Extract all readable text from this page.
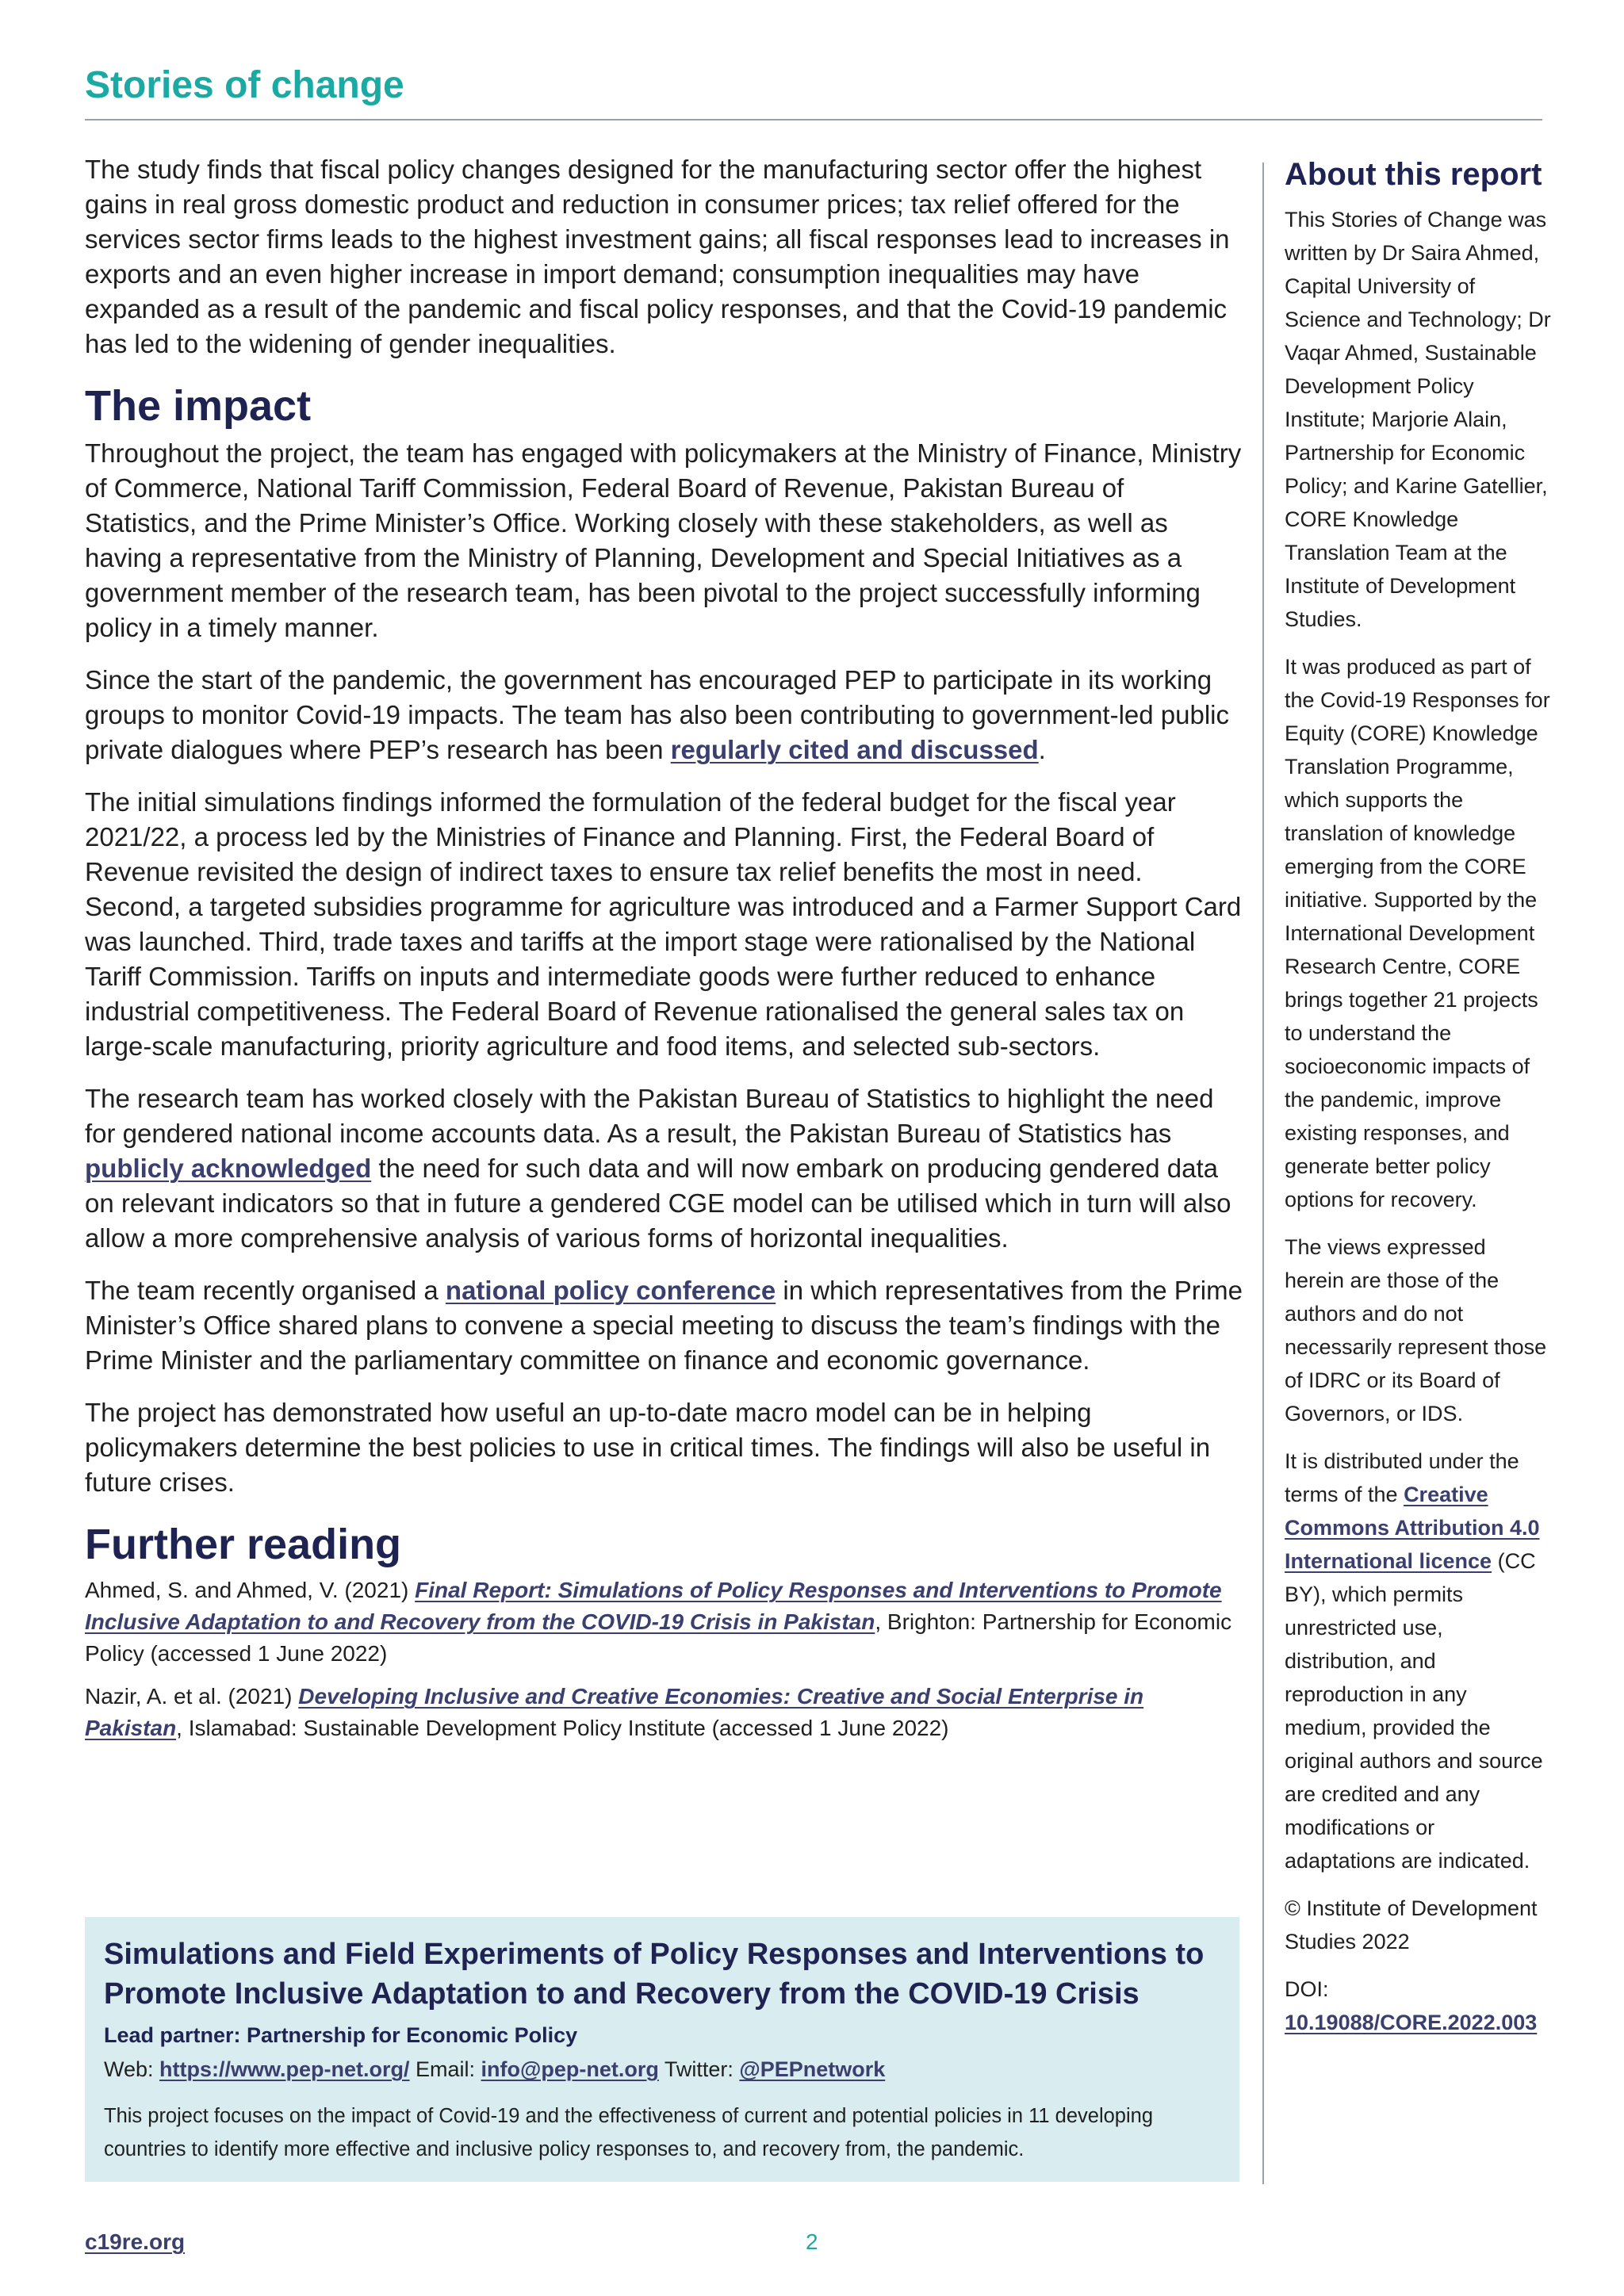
Stories of change

The study finds that fiscal policy changes designed for the manufacturing sector offer the highest gains in real gross domestic product and reduction in consumer prices; tax relief offered for the services sector firms leads to the highest investment gains; all fiscal responses lead to increases in exports and an even higher increase in import demand; consumption inequalities may have expanded as a result of the pandemic and fiscal policy responses, and that the Covid-19 pandemic has led to the widening of gender inequalities.

The impact

Throughout the project, the team has engaged with policymakers at the Ministry of Finance, Ministry of Commerce, National Tariff Commission, Federal Board of Revenue, Pakistan Bureau of Statistics, and the Prime Minister’s Office. Working closely with these stakeholders, as well as having a representative from the Ministry of Planning, Development and Special Initiatives as a government member of the research team, has been pivotal to the project successfully informing policy in a timely manner.

Since the start of the pandemic, the government has encouraged PEP to participate in its working groups to monitor Covid-19 impacts. The team has also been contributing to government-led public private dialogues where PEP’s research has been regularly cited and discussed.

The initial simulations findings informed the formulation of the federal budget for the fiscal year 2021/22, a process led by the Ministries of Finance and Planning. First, the Federal Board of Revenue revisited the design of indirect taxes to ensure tax relief benefits the most in need. Second, a targeted subsidies programme for agriculture was introduced and a Farmer Support Card was launched. Third, trade taxes and tariffs at the import stage were rationalised by the National Tariff Commission. Tariffs on inputs and intermediate goods were further reduced to enhance industrial competitiveness. The Federal Board of Revenue rationalised the general sales tax on large-scale manufacturing, priority agriculture and food items, and selected sub-sectors.

The research team has worked closely with the Pakistan Bureau of Statistics to highlight the need for gendered national income accounts data. As a result, the Pakistan Bureau of Statistics has publicly acknowledged the need for such data and will now embark on producing gendered data on relevant indicators so that in future a gendered CGE model can be utilised which in turn will also allow a more comprehensive analysis of various forms of horizontal inequalities.

The team recently organised a national policy conference in which representatives from the Prime Minister’s Office shared plans to convene a special meeting to discuss the team’s findings with the Prime Minister and the parliamentary committee on finance and economic governance.

The project has demonstrated how useful an up-to-date macro model can be in helping policymakers determine the best policies to use in critical times. The findings will also be useful in future crises.

Further reading

Ahmed, S. and Ahmed, V. (2021) Final Report: Simulations of Policy Responses and Interventions to Promote Inclusive Adaptation to and Recovery from the COVID-19 Crisis in Pakistan, Brighton: Partnership for Economic Policy (accessed 1 June 2022)

Nazir, A. et al. (2021) Developing Inclusive and Creative Economies: Creative and Social Enterprise in Pakistan, Islamabad: Sustainable Development Policy Institute (accessed 1 June 2022)

Simulations and Field Experiments of Policy Responses and Interventions to Promote Inclusive Adaptation to and Recovery from the COVID-19 Crisis

Lead partner: Partnership for Economic Policy

Web: https://www.pep-net.org/ Email: info@pep-net.org Twitter: @PEPnetwork

This project focuses on the impact of Covid-19 and the effectiveness of current and potential policies in 11 developing countries to identify more effective and inclusive policy responses to, and recovery from, the pandemic.

About this report

This Stories of Change was written by Dr Saira Ahmed, Capital University of Science and Technology; Dr Vaqar Ahmed, Sustainable Development Policy Institute; Marjorie Alain, Partnership for Economic Policy; and Karine Gatellier, CORE Knowledge Translation Team at the Institute of Development Studies.

It was produced as part of the Covid-19 Responses for Equity (CORE) Knowledge Translation Programme, which supports the translation of knowledge emerging from the CORE initiative. Supported by the International Development Research Centre, CORE brings together 21 projects to understand the socioeconomic impacts of the pandemic, improve existing responses, and generate better policy options for recovery.

The views expressed herein are those of the authors and do not necessarily represent those of IDRC or its Board of Governors, or IDS.

It is distributed under the terms of the Creative Commons Attribution 4.0 International licence (CC BY), which permits unrestricted use, distribution, and reproduction in any medium, provided the original authors and source are credited and any modifications or adaptations are indicated.

© Institute of Development Studies 2022

DOI: 10.19088/CORE.2022.003

c19re.org	2
